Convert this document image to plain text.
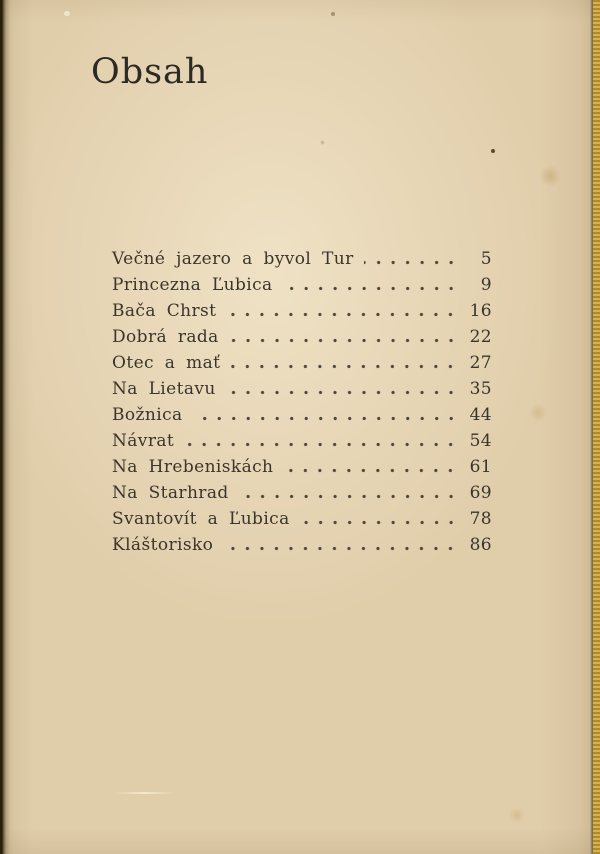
Obsah
Večné jazero a byvol Tur	5
Princezna Ľubica	9
Bača Chrst	16
Dobrá rada	22
Otec a mať	27
Na Lietavu	35
Božnica	44
Návrat	54
Na Hrebeniskách	61
Na Starhrad	69
Svantovít a Ľubica	78
Kláštorisko	86
